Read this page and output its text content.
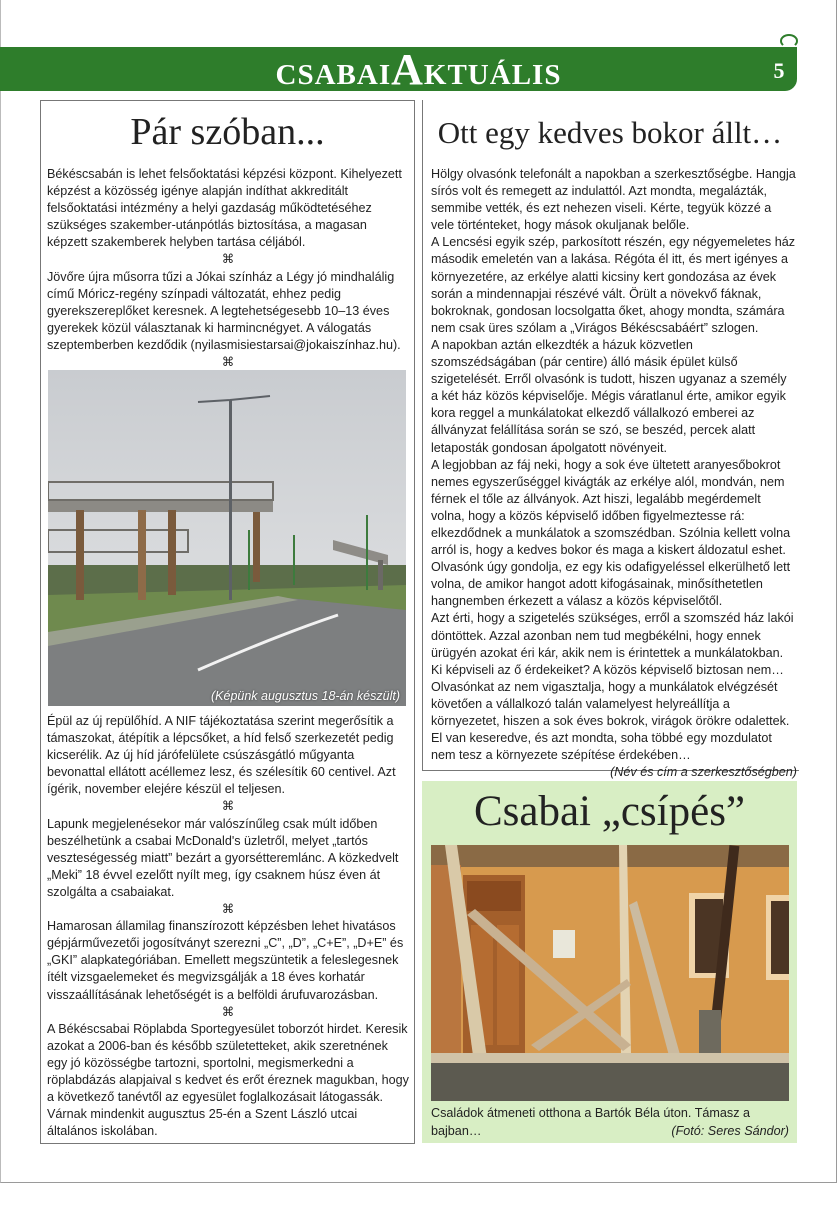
CSABAIAKTUÁLIS	5
Pár szóban...	Ott egy kedves bokor állt…
Csabai „csípés”

Békéscsabán is lehet felsőoktatási képzési központ. Kihelyezett képzést a közösség igénye alapján indíthat akkreditált felsőoktatási intézmény a helyi gazdaság működtetéséhez szükséges szakember-utánpótlás biztosítása, a magasan képzett szakemberek helyben tartása céljából.

⌘

Jövőre újra műsorra tűzi a Jókai színház a Légy jó mindhalálig című Móricz-regény színpadi változatát, ehhez pedig gyerekszereplőket keresnek. A legtehetségesebb 10–13 éves gyerekek közül választanak ki harmincnégyet. A válogatás szeptemberben kezdődik (nyilasmisiestarsai@jokaiszínhaz.hu).

⌘

(Képünk augusztus 18-án készült)

Épül az új repülőhíd. A NIF tájékoztatása szerint megerősítik a támaszokat, átépítik a lépcsőket, a híd felső szerkezetét pedig kicserélik. Az új híd járófelülete csúszásgátló műgyanta bevonattal ellátott acéllemez lesz, és szélesítik 60 centivel. Azt ígérik, november elejére készül el teljesen.

⌘

Lapunk megjelenésekor már valószínűleg csak múlt időben beszélhetünk a csabai McDonald's üzletről, melyet „tartós veszteségesség miatt” bezárt a gyorsétteremlánc. A közkedvelt „Meki” 18 évvel ezelőtt nyílt meg, így csaknem húsz éven át szolgálta a csabaiakat.

⌘

Hamarosan államilag finanszírozott képzésben lehet hivatásos gépjárművezetői jogosítványt szerezni „C”, „D”, „C+E”, „D+E” és „GKI” alapkategóriában. Emellett megszüntetik a feleslegesnek ítélt vizsgaelemeket és megvizsgálják a 18 éves korhatár visszaállításának lehetőségét is a belföldi árufuvarozásban.

⌘

A Békéscsabai Röplabda Sportegyesület toborzót hirdet. Keresik azokat a 2006-ban és később születetteket, akik szeretnének egy jó közösségbe tartozni, sportolni, megismerkedni a röplabdázás alapjaival s kedvet és erőt éreznek magukban, hogy a következő tanévtől az egyesület foglalkozásait látogassák. Várnak mindenkit augusztus 25-én a Szent László utcai általános iskolában.

Hölgy olvasónk telefonált a napokban a szerkesztőségbe. Hangja sírós volt és remegett az indulattól. Azt mondta, megalázták, semmibe vették, és ezt nehezen viseli. Kérte, tegyük közzé a vele történteket, hogy mások okuljanak belőle.

A Lencsési egyik szép, parkosított részén, egy négyemeletes ház második emeletén van a lakása. Régóta él itt, és mert igényes a környezetére, az erkélye alatti kicsiny kert gondozása az évek során a mindennapjai részévé vált. Örült a növekvő fáknak, bokroknak, gondosan locsolgatta őket, ahogy mondta, számára nem csak üres szólam a „Virágos Békéscsabáért” szlogen.

A napokban aztán elkezdték a házuk közvetlen szomszédságában (pár centire) álló másik épület külső szigetelését. Erről olvasónk is tudott, hiszen ugyanaz a személy a két ház közös képviselője. Mégis váratlanul érte, amikor egyik kora reggel a munkálatokat elkezdő vállalkozó emberei az állványzat felállítása során se szó, se beszéd, percek alatt letaposták gondosan ápolgatott növényeit.

A legjobban az fáj neki, hogy a sok éve ültetett aranyesőbokrot nemes egyszerűséggel kivágták az erkélye alól, mondván, nem férnek el tőle az állványok. Azt hiszi, legalább megérdemelt volna, hogy a közös képviselő időben figyelmeztesse rá: elkezdődnek a munkálatok a szomszédban. Szólnia kellett volna arról is, hogy a kedves bokor és maga a kiskert áldozatul eshet. Olvasónk úgy gondolja, ez egy kis odafigyeléssel elkerülhető lett volna, de amikor hangot adott kifogásainak, minősíthetetlen hangnemben érkezett a válasz a közös képviselőtől.

Azt érti, hogy a szigetelés szükséges, erről a szomszéd ház lakói döntöttek. Azzal azonban nem tud megbékélni, hogy ennek ürügyén azokat éri kár, akik nem is érintettek a munkálatokban. Ki képviseli az ő érdekeiket? A közös képviselő biztosan nem…

Olvasónkat az nem vigasztalja, hogy a munkálatok elvégzését követően a vállalkozó talán valamelyest helyreállítja a környezetet, hiszen a sok éves bokrok, virágok örökre odalettek. El van keseredve, és azt mondta, soha többé egy mozdulatot nem tesz a környezete szépítése érdekében…

(Név és cím a szerkesztőségben)

Családok átmeneti otthona a Bartók Béla úton. Támasz a
bajban…	(Fotó: Seres Sándor)
